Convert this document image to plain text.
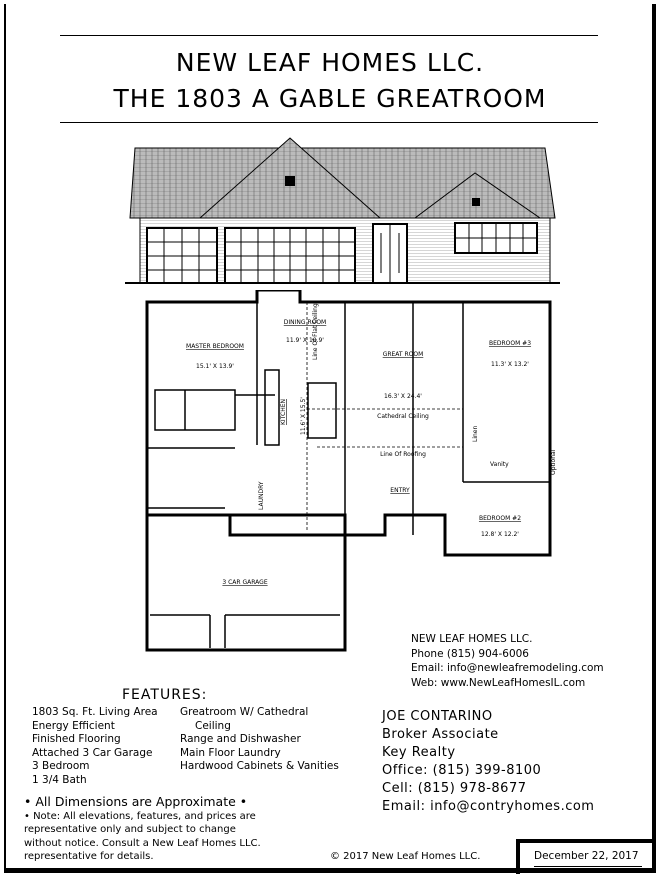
NEW LEAF HOMES LLC.
THE 1803 A GABLE GREATROOM
MASTER BEDROOM
15.1' X 13.9'
DINING ROOM
11.9' X 10.9'
GREAT ROOM
16.3' X 24.4'
Cathedral Ceiling
BEDROOM #3
11.3' X 13.2'
BEDROOM #2
12.8' X 12.2'
KITCHEN 11.6' X 15.5'
ENTRY
LAUNDRY
3 CAR GARAGE
Line Of Flat Ceiling
Line Of Roofing
Linen
Vanity	Optional
NEW LEAF HOMES LLC.
Phone (815) 904-6006
Email: info@newleafremodeling.com
Web: www.NewLeafHomesIL.com
FEATURES:
1803 Sq. Ft. Living Area
Energy Efficient
Finished Flooring
Attached 3 Car Garage
3 Bedroom
1 3/4 Bath
Greatroom W/ Cathedral
Ceiling
Range and Dishwasher
Main Floor Laundry
Hardwood Cabinets & Vanities
• All Dimensions are Approximate •
• Note: All elevations, features, and prices are
representative only and subject to change
without notice. Consult a New Leaf Homes LLC.
representative for details.
JOE CONTARINO
Broker Associate
Key Realty
Office: (815) 399-8100
Cell: (815) 978-8677
Email: info@contryhomes.com
© 2017 New Leaf Homes LLC.	December 22, 2017
